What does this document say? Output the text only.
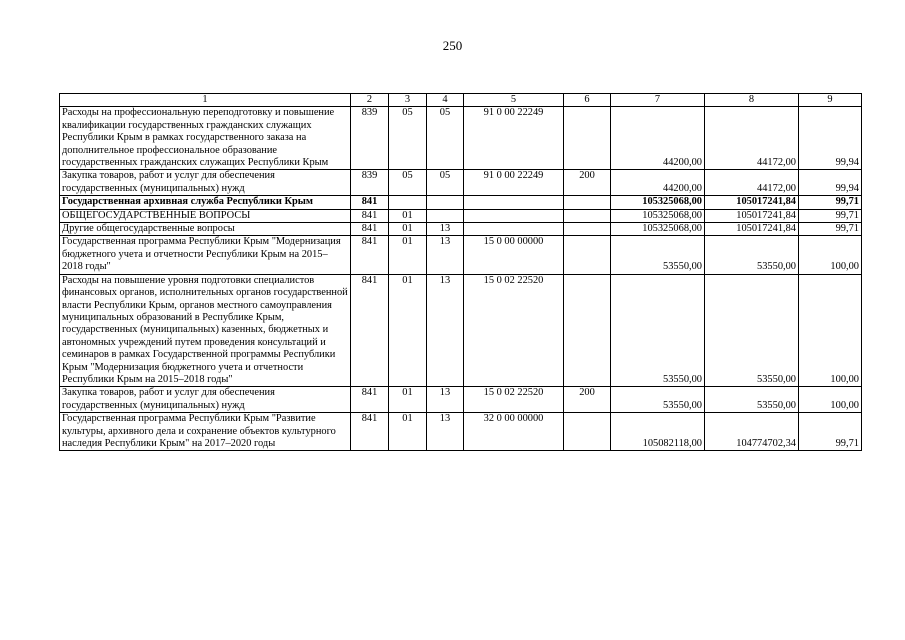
250
1	2	3	4	5	6	7	8	9
Расходы на профессиональную переподготовку и повышение квалификации государственных гражданских служащих Республики Крым в рамках государственного заказа на дополнительное профессиональное образование государственных гражданских служащих Республики Крым	839	05	05	91 0 00 22249		44200,00	44172,00	99,94
Закупка товаров, работ и услуг для обеспечения государственных (муниципальных) нужд	839	05	05	91 0 00 22249	200	44200,00	44172,00	99,94
Государственная архивная служба Республики Крым	841					105325068,00	105017241,84	99,71
ОБЩЕГОСУДАРСТВЕННЫЕ ВОПРОСЫ	841	01				105325068,00	105017241,84	99,71
Другие общегосударственные вопросы	841	01	13			105325068,00	105017241,84	99,71
Государственная программа Республики Крым "Модернизация бюджетного учета и отчетности Республики Крым на 2015–2018 годы"	841	01	13	15 0 00 00000		53550,00	53550,00	100,00
Расходы на повышение уровня подготовки специалистов финансовых органов, исполнительных органов государственной власти Республики Крым, органов местного самоуправления муниципальных образований в Республике Крым, государственных (муниципальных) казенных, бюджетных и автономных учреждений путем проведения консультаций и семинаров в рамках Государственной программы Республики Крым "Модернизация бюджетного учета и отчетности Республики Крым на 2015–2018 годы"	841	01	13	15 0 02 22520		53550,00	53550,00	100,00
Закупка товаров, работ и услуг для обеспечения государственных (муниципальных) нужд	841	01	13	15 0 02 22520	200	53550,00	53550,00	100,00
Государственная программа Республики Крым "Развитие культуры, архивного дела и сохранение объектов культурного наследия Республики Крым" на 2017–2020 годы	841	01	13	32 0 00 00000		105082118,00	104774702,34	99,71
